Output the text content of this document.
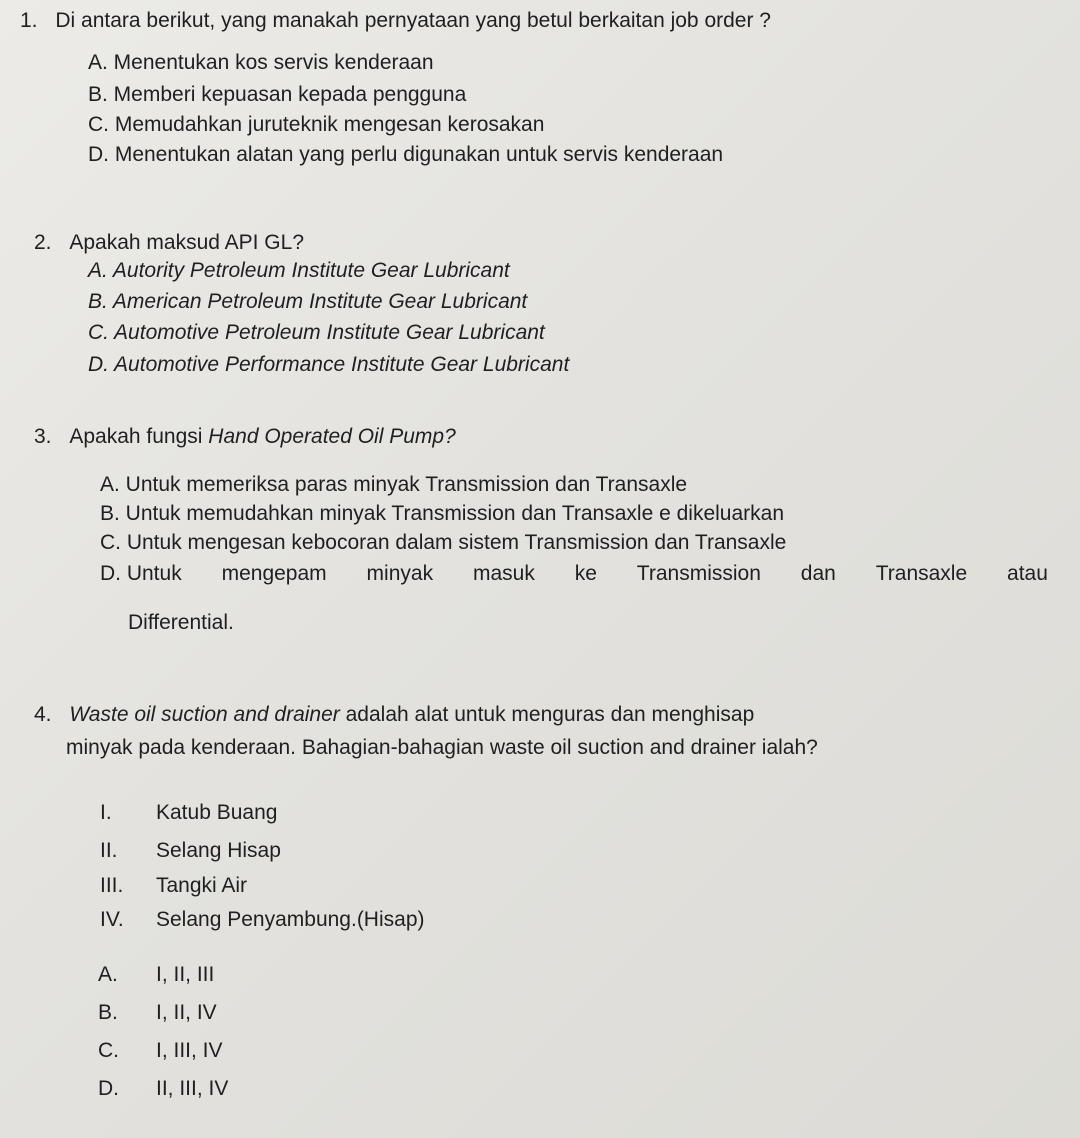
1. Di antara berikut, yang manakah pernyataan yang betul berkaitan job order ?
A. Menentukan kos servis kenderaan
B. Memberi kepuasan kepada pengguna
C. Memudahkan juruteknik mengesan kerosakan
D. Menentukan alatan yang perlu digunakan untuk servis kenderaan
2. Apakah maksud API GL?
A. Autority Petroleum Institute Gear Lubricant
B. American Petroleum Institute Gear Lubricant
C. Automotive Petroleum Institute Gear Lubricant
D. Automotive Performance Institute Gear Lubricant
3. Apakah fungsi Hand Operated Oil Pump?
A. Untuk memeriksa paras minyak Transmission dan Transaxle
B. Untuk memudahkan minyak Transmission dan Transaxle e dikeluarkan
C. Untuk mengesan kebocoran dalam sistem Transmission dan Transaxle
D. Untuk mengepam minyak masuk ke Transmission dan Transaxle atau
Differential.
4. Waste oil suction and drainer adalah alat untuk menguras dan menghisap
minyak pada kenderaan. Bahagian-bahagian waste oil suction and drainer ialah?
I. Katub Buang
II. Selang Hisap
III. Tangki Air
IV. Selang Penyambung.(Hisap)
A. I, II, III
B. I, II, IV
C. I, III, IV
D. II, III, IV
